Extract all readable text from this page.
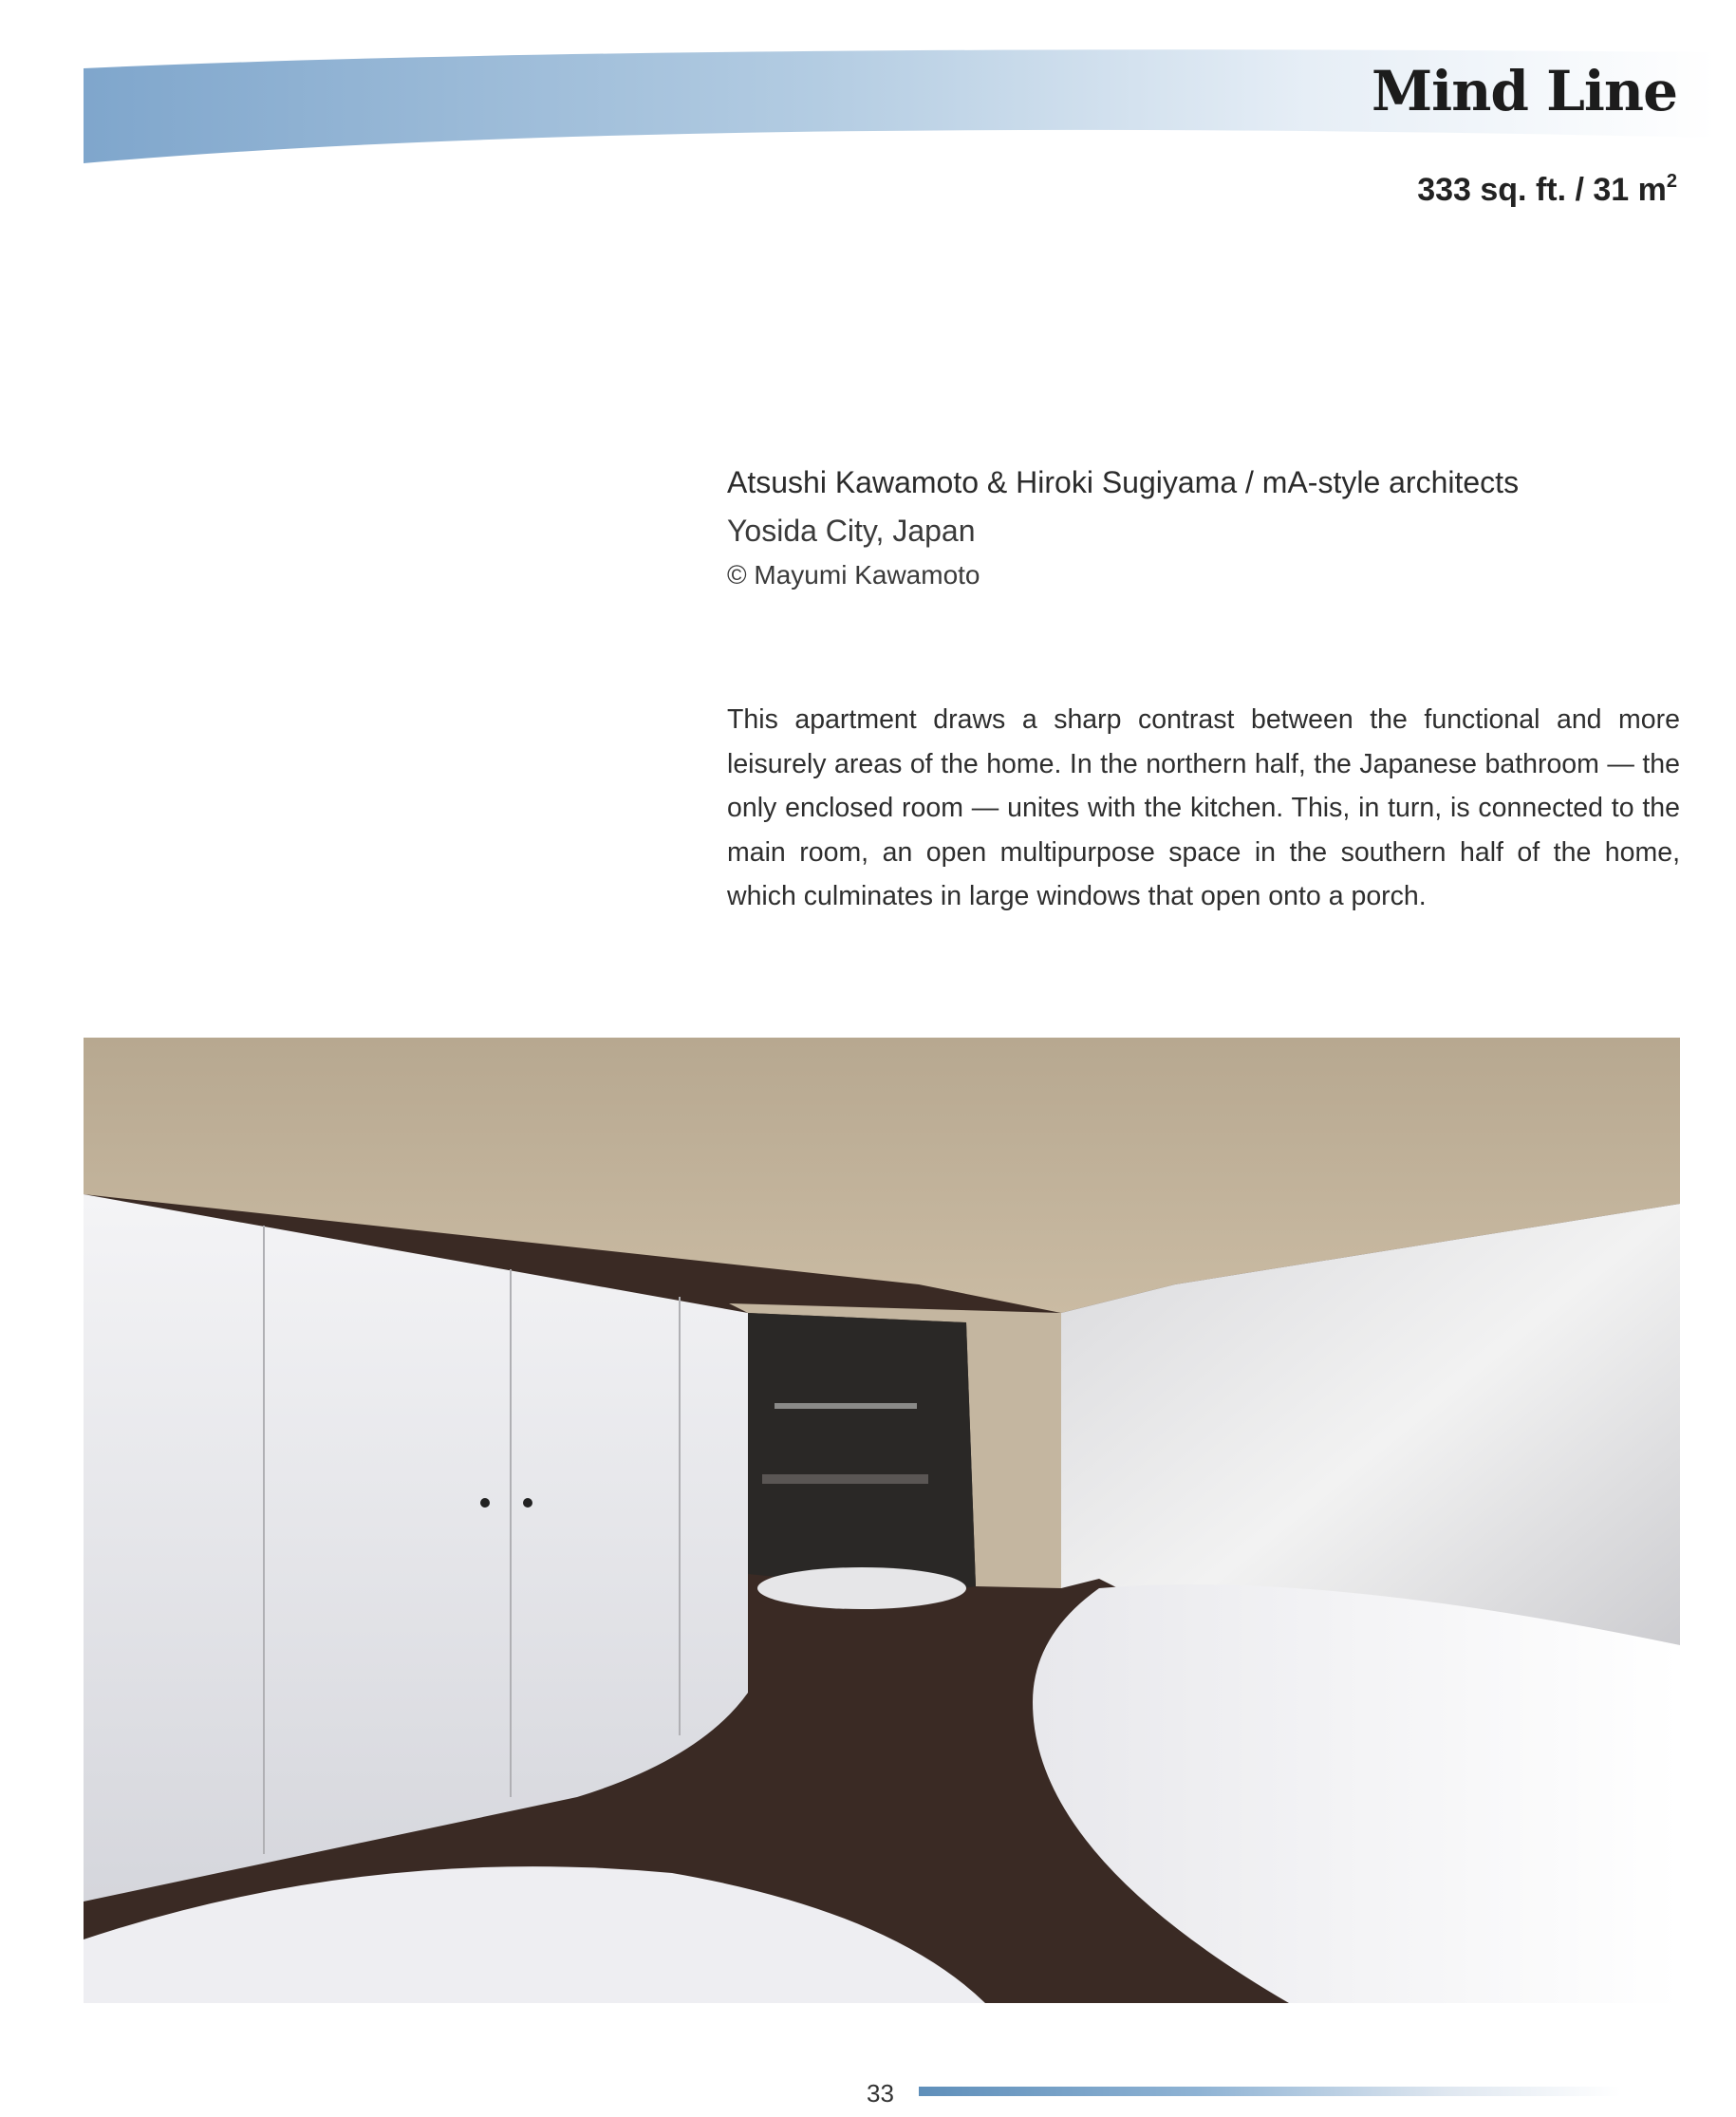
Mind Line
333 sq. ft. / 31 $m^2$
Atsushi Kawamoto & Hiroki Sugiyama / mA-style architects
Yosida City, Japan
© Mayumi Kawamoto
This apartment draws a sharp contrast between the functional and more leisurely areas of the home. In the northern half, the Japanese bathroom — the only enclosed room — unites with the kitchen. This, in turn, is connected to the main room, an open multipurpose space in the southern half of the home, which culminates in large windows that open onto a porch.
33
